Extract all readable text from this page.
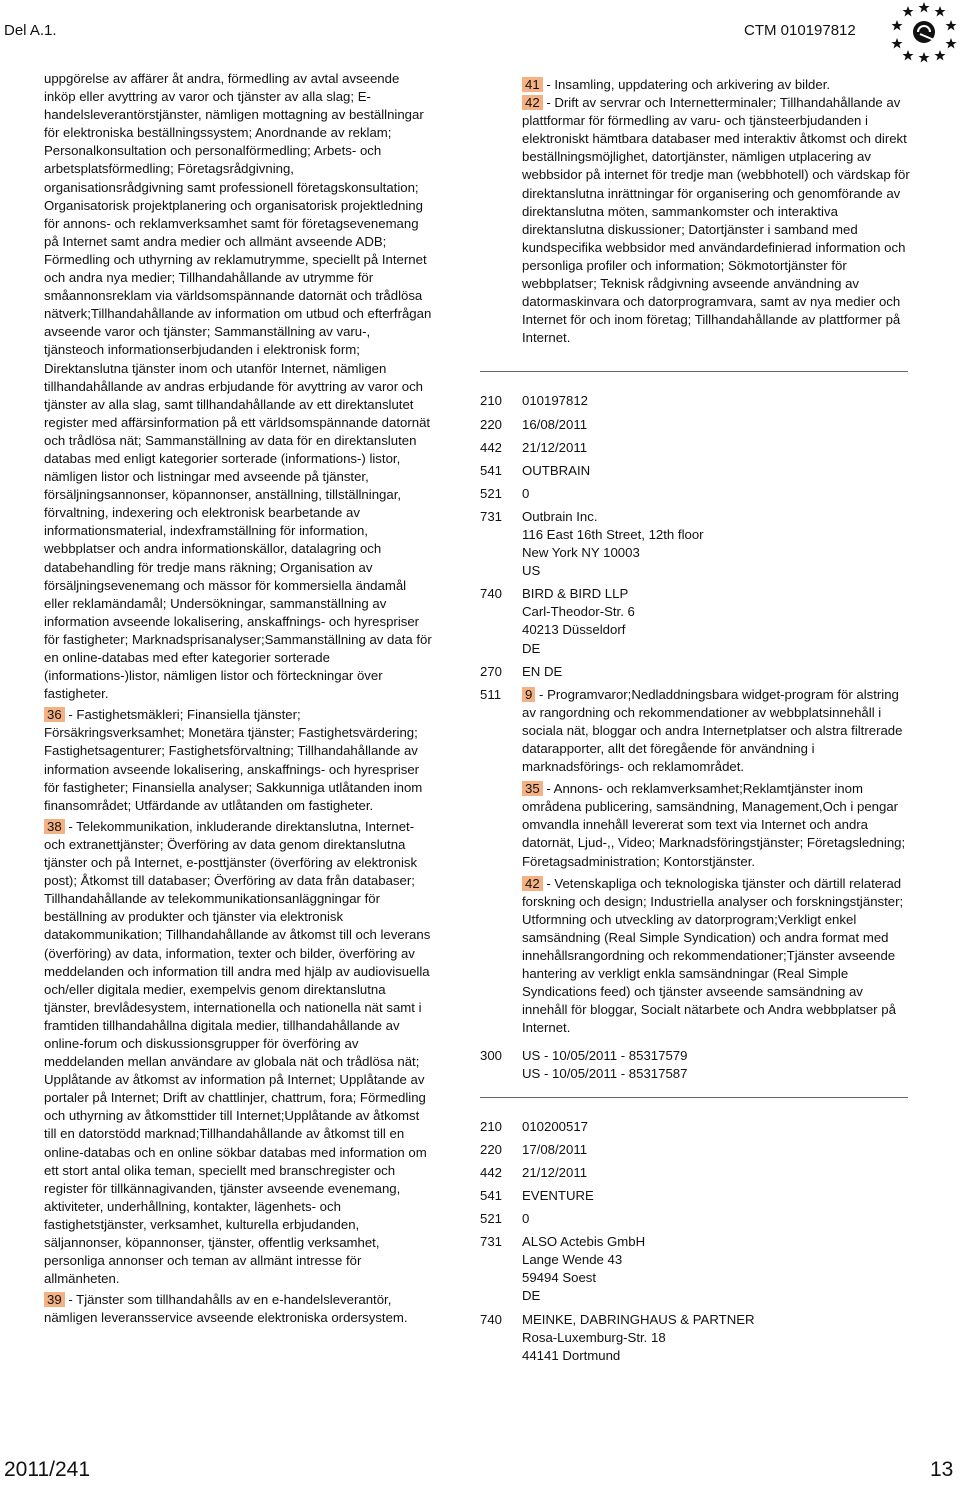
Del A.1.	CTM 010197812

uppgörelse av affärer åt andra, förmedling av avtal avseende inköp eller avyttring av varor och tjänster av alla slag; E-handelsleverantörstjänster, nämligen mottagning av beställningar för elektroniska beställningssystem; Anordnande av reklam; Personalkonsultation och personalförmedling; Arbets- och arbetsplatsförmedling; Företagsrådgivning, organisationsrådgivning samt professionell företagskonsultation; Organisatorisk projektplanering och organisatorisk projektledning för annons- och reklamverksamhet samt för företagsevenemang på Internet samt andra medier och allmänt avseende ADB; Förmedling och uthyrning av reklamutrymme, speciellt på Internet och andra nya medier; Tillhandahållande av utrymme för småannonsreklam via världsomspännande datornät och trådlösa nätverk;Tillhandahållande av information om utbud och efterfrågan avseende varor och tjänster; Sammanställning av varu-, tjänsteoch informationserbjudanden i elektronisk form; Direktanslutna tjänster inom och utanför Internet, nämligen tillhandahållande av andras erbjudande för avyttring av varor och tjänster av alla slag, samt tillhandahållande av ett direktanslutet register med affärsinformation på ett världsomspännande datornät och trådlösa nät; Sammanställning av data för en direktansluten databas med enligt kategorier sorterade (informations-) listor, nämligen listor och listningar med avseende på tjänster, försäljningsannonser, köpannonser, anställning, tillställningar, förvaltning, indexering och elektronisk bearbetande av informationsmaterial, indexframställning för information, webbplatser och andra informationskällor, datalagring och databehandling för tredje mans räkning; Organisation av försäljningsevenemang och mässor för kommersiella ändamål eller reklamändamål; Undersökningar, sammanställning av information avseende lokalisering, anskaffnings- och hyrespriser för fastigheter; Marknadsprisanalyser;Sammanställning av data för en online-databas med efter kategorier sorterade (informations-)listor, nämligen listor och förteckningar över fastigheter.

36 - Fastighetsmäkleri; Finansiella tjänster; Försäkringsverksamhet; Monetära tjänster; Fastighetsvärdering; Fastighetsagenturer; Fastighetsförvaltning; Tillhandahållande av information avseende lokalisering, anskaffnings- och hyrespriser för fastigheter; Finansiella analyser; Sakkunniga utlåtanden inom finansområdet; Utfärdande av utlåtanden om fastigheter.

38 - Telekommunikation, inkluderande direktanslutna, Internet- och extranettjänster; Överföring av data genom direktanslutna tjänster och på Internet, e-posttjänster (överföring av elektronisk post); Åtkomst till databaser; Överföring av data från databaser; Tillhandahållande av telekommunikationsanläggningar för beställning av produkter och tjänster via elektronisk datakommunikation; Tillhandahållande av åtkomst till och leverans (överföring) av data, information, texter och bilder, överföring av meddelanden och information till andra med hjälp av audiovisuella och/eller digitala medier, exempelvis genom direktanslutna tjänster, brevlådesystem, internationella och nationella nät samt i framtiden tillhandahållna digitala medier, tillhandahållande av online-forum och diskussionsgrupper för överföring av meddelanden mellan användare av globala nät och trådlösa nät; Upplåtande av åtkomst av information på Internet; Upplåtande av portaler på Internet; Drift av chattlinjer, chattrum, fora; Förmedling och uthyrning av åtkomsttider till Internet;Upplåtande av åtkomst till en datorstödd marknad;Tillhandahållande av åtkomst till en online-databas och en online sökbar databas med information om ett stort antal olika teman, speciellt med branschregister och register för tillkännagivanden, tjänster avseende evenemang, aktiviteter, underhållning, kontakter, lägenhets- och fastighetstjänster, verksamhet, kulturella erbjudanden, säljannonser, köpannonser, tjänster, offentlig verksamhet, personliga annonser och teman av allmänt intresse för allmänheten.

39 - Tjänster som tillhandahålls av en e-handelsleverantör, nämligen leveransservice avseende elektroniska ordersystem.

41 - Insamling, uppdatering och arkivering av bilder.

42 - Drift av servrar och Internetterminaler; Tillhandahållande av plattformar för förmedling av varu- och tjänsteerbjudanden i elektroniskt hämtbara databaser med interaktiv åtkomst och direkt beställningsmöjlighet, datortjänster, nämligen utplacering av webbsidor på internet för tredje man (webbhotell) och värdskap för direktanslutna inrättningar för organisering och genomförande av direktanslutna möten, sammankomster och interaktiva direktanslutna diskussioner; Datortjänster i samband med kundspecifika webbsidor med användardefinierad information och personliga profiler och information; Sökmotortjänster för webbplatser; Teknisk rådgivning avseende användning av datormaskinvara och datorprogramvara, samt av nya medier och Internet för och inom företag; Tillhandahållande av plattformer på Internet.

210	010197812
220	16/08/2011
442	21/12/2011
541	OUTBRAIN
521	0
731	Outbrain Inc.
116 East 16th Street, 12th floor
New York NY 10003
US
740	BIRD & BIRD LLP
Carl-Theodor-Str. 6
40213 Düsseldorf
DE
270	EN DE
511	9 - Programvaror;Nedladdningsbara widget-program för alstring av rangordning och rekommendationer av webbplatsinnehåll i sociala nät, bloggar och andra Internetplatser och alstra filtrerade datarapporter, allt det föregående för användning i marknadsförings- och reklamområdet.

35 - Annons- och reklamverksamhet;Reklamtjänster inom områdena publicering, samsändning, Management,Och i pengar omvandla innehåll levererat som text via Internet och andra datornät, Ljud-,, Video; Marknadsföringstjänster; Företagsledning; Företagsadministration; Kontorstjänster.

42 - Vetenskapliga och teknologiska tjänster och därtill relaterad forskning och design; Industriella analyser och forskningstjänster; Utformning och utveckling av datorprogram;Verkligt enkel samsändning (Real Simple Syndication) och andra format med innehållsrangordning och rekommendationer;Tjänster avseende hantering av verkligt enkla samsändningar (Real Simple Syndications feed) och tjänster avseende samsändning av innehåll för bloggar, Socialt nätarbete och Andra webbplatser på Internet.

300	US - 10/05/2011 - 85317579
US - 10/05/2011 - 85317587
210	010200517
220	17/08/2011
442	21/12/2011
541	EVENTURE
521	0
731	ALSO Actebis GmbH
Lange Wende 43
59494 Soest
DE
740	MEINKE, DABRINGHAUS & PARTNER
Rosa-Luxemburg-Str. 18
44141 Dortmund
2011/241	13
